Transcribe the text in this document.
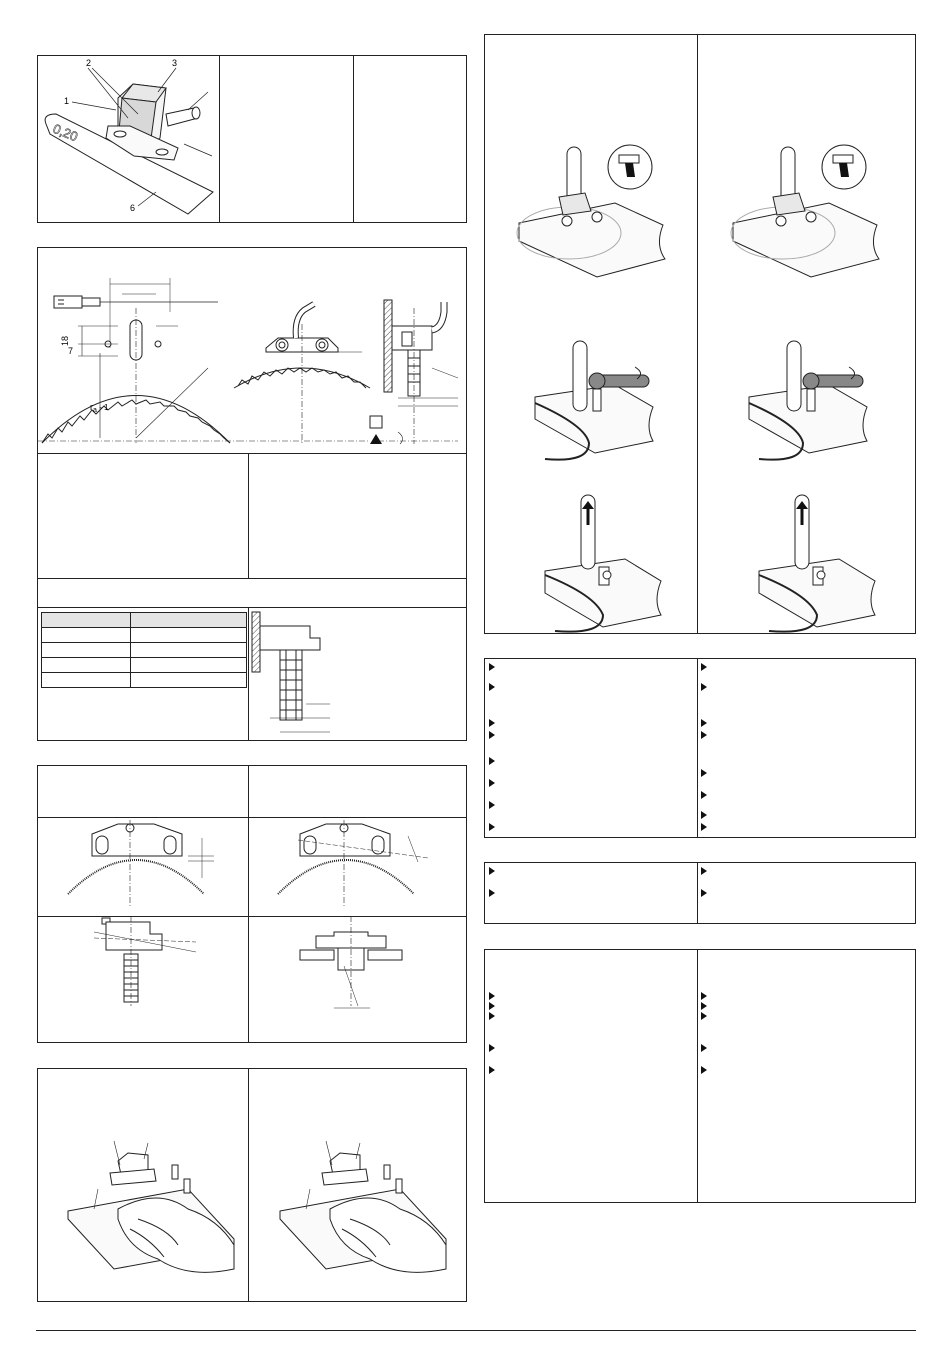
0,20
2	3
1
6
18
7
$r_a - 1$
